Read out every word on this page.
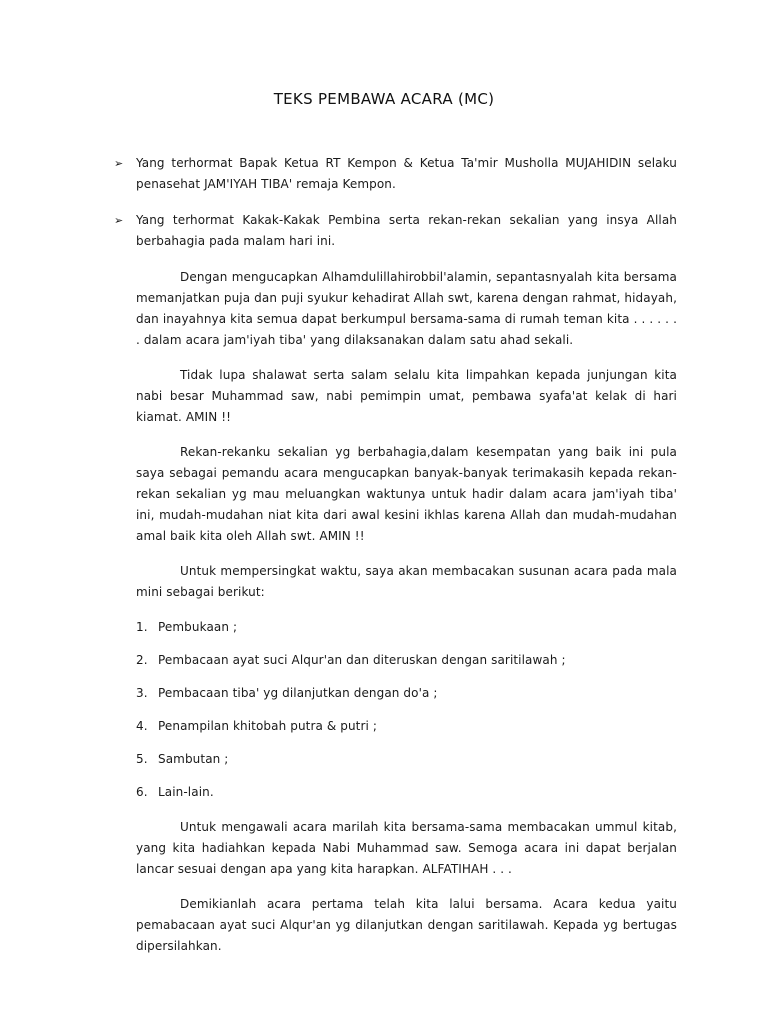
TEKS PEMBAWA ACARA (MC)
➢ Yang terhormat Bapak Ketua RT Kempon & Ketua Ta'mir Musholla MUJAHIDIN selaku penasehat JAM'IYAH TIBA' remaja Kempon.
➢ Yang terhormat Kakak-Kakak Pembina serta rekan-rekan sekalian yang insya Allah berbahagia pada malam hari ini.

Dengan mengucapkan Alhamdulillahirobbil'alamin, sepantasnyalah kita bersama memanjatkan puja dan puji syukur kehadirat Allah swt, karena dengan rahmat, hidayah, dan inayahnya kita semua dapat berkumpul bersama-sama di rumah teman kita . . . . . . . dalam acara jam'iyah tiba' yang dilaksanakan dalam satu ahad sekali.

Tidak lupa shalawat serta salam selalu kita limpahkan kepada junjungan kita nabi besar Muhammad saw, nabi pemimpin umat, pembawa syafa'at kelak di hari kiamat. AMIN !!

Rekan-rekanku sekalian yg berbahagia,dalam kesempatan yang baik ini pula saya sebagai pemandu acara mengucapkan banyak-banyak terimakasih kepada rekan-rekan sekalian yg mau meluangkan waktunya untuk hadir dalam acara jam'iyah tiba' ini, mudah-mudahan niat kita dari awal kesini ikhlas karena Allah dan mudah-mudahan amal baik kita oleh Allah swt. AMIN !!

Untuk mempersingkat waktu, saya akan membacakan susunan acara pada mala mini sebagai berikut:

1. Pembukaan ;
2. Pembacaan ayat suci Alqur'an dan diteruskan dengan saritilawah ;
3. Pembacaan tiba' yg dilanjutkan dengan do'a ;
4. Penampilan khitobah putra & putri ;
5. Sambutan ;
6. Lain-lain.

Untuk mengawali acara marilah kita bersama-sama membacakan ummul kitab, yang kita hadiahkan kepada Nabi Muhammad saw. Semoga acara ini dapat berjalan lancar sesuai dengan apa yang kita harapkan. ALFATIHAH . . .

Demikianlah acara pertama telah kita lalui bersama. Acara kedua yaitu pemabacaan ayat suci Alqur'an yg dilanjutkan dengan saritilawah. Kepada yg bertugas dipersilahkan.
